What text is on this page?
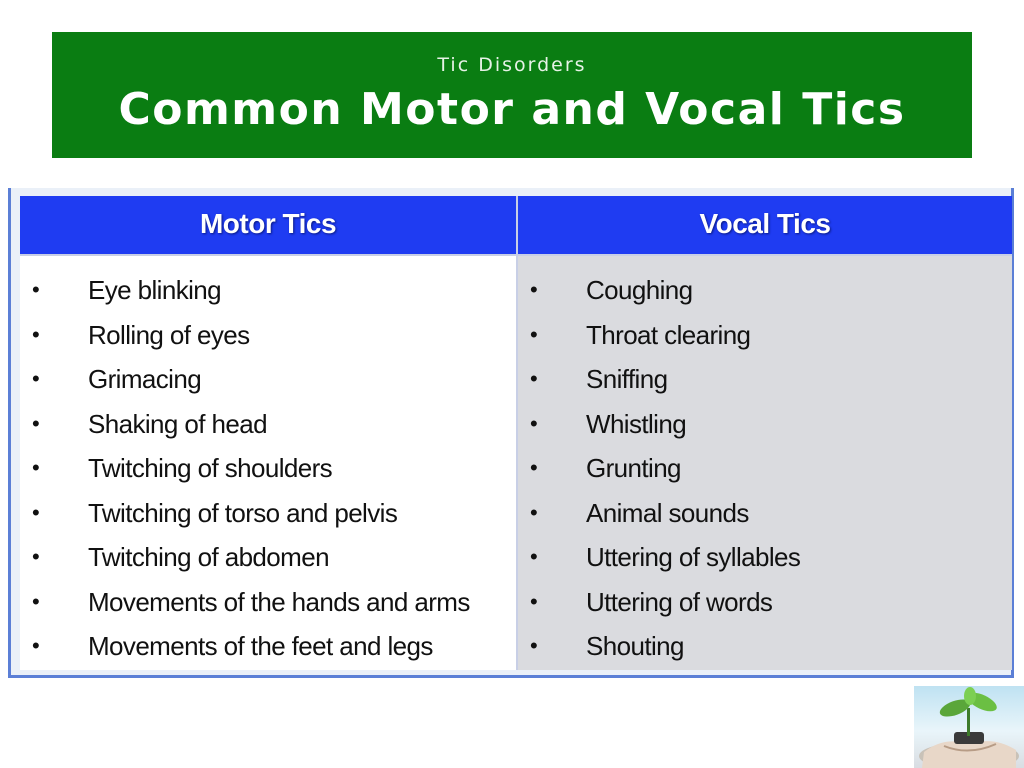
Tic Disorders
Common Motor and Vocal Tics
Motor Tics	Vocal Tics
• Eye blinking
• Rolling of eyes
• Grimacing
• Shaking of head
• Twitching of shoulders
• Twitching of torso and pelvis
• Twitching of abdomen
• Movements of the hands and arms
• Movements of the feet and legs
• Coughing
• Throat clearing
• Sniffing
• Whistling
• Grunting
• Animal sounds
• Uttering of syllables
• Uttering of words
• Shouting
